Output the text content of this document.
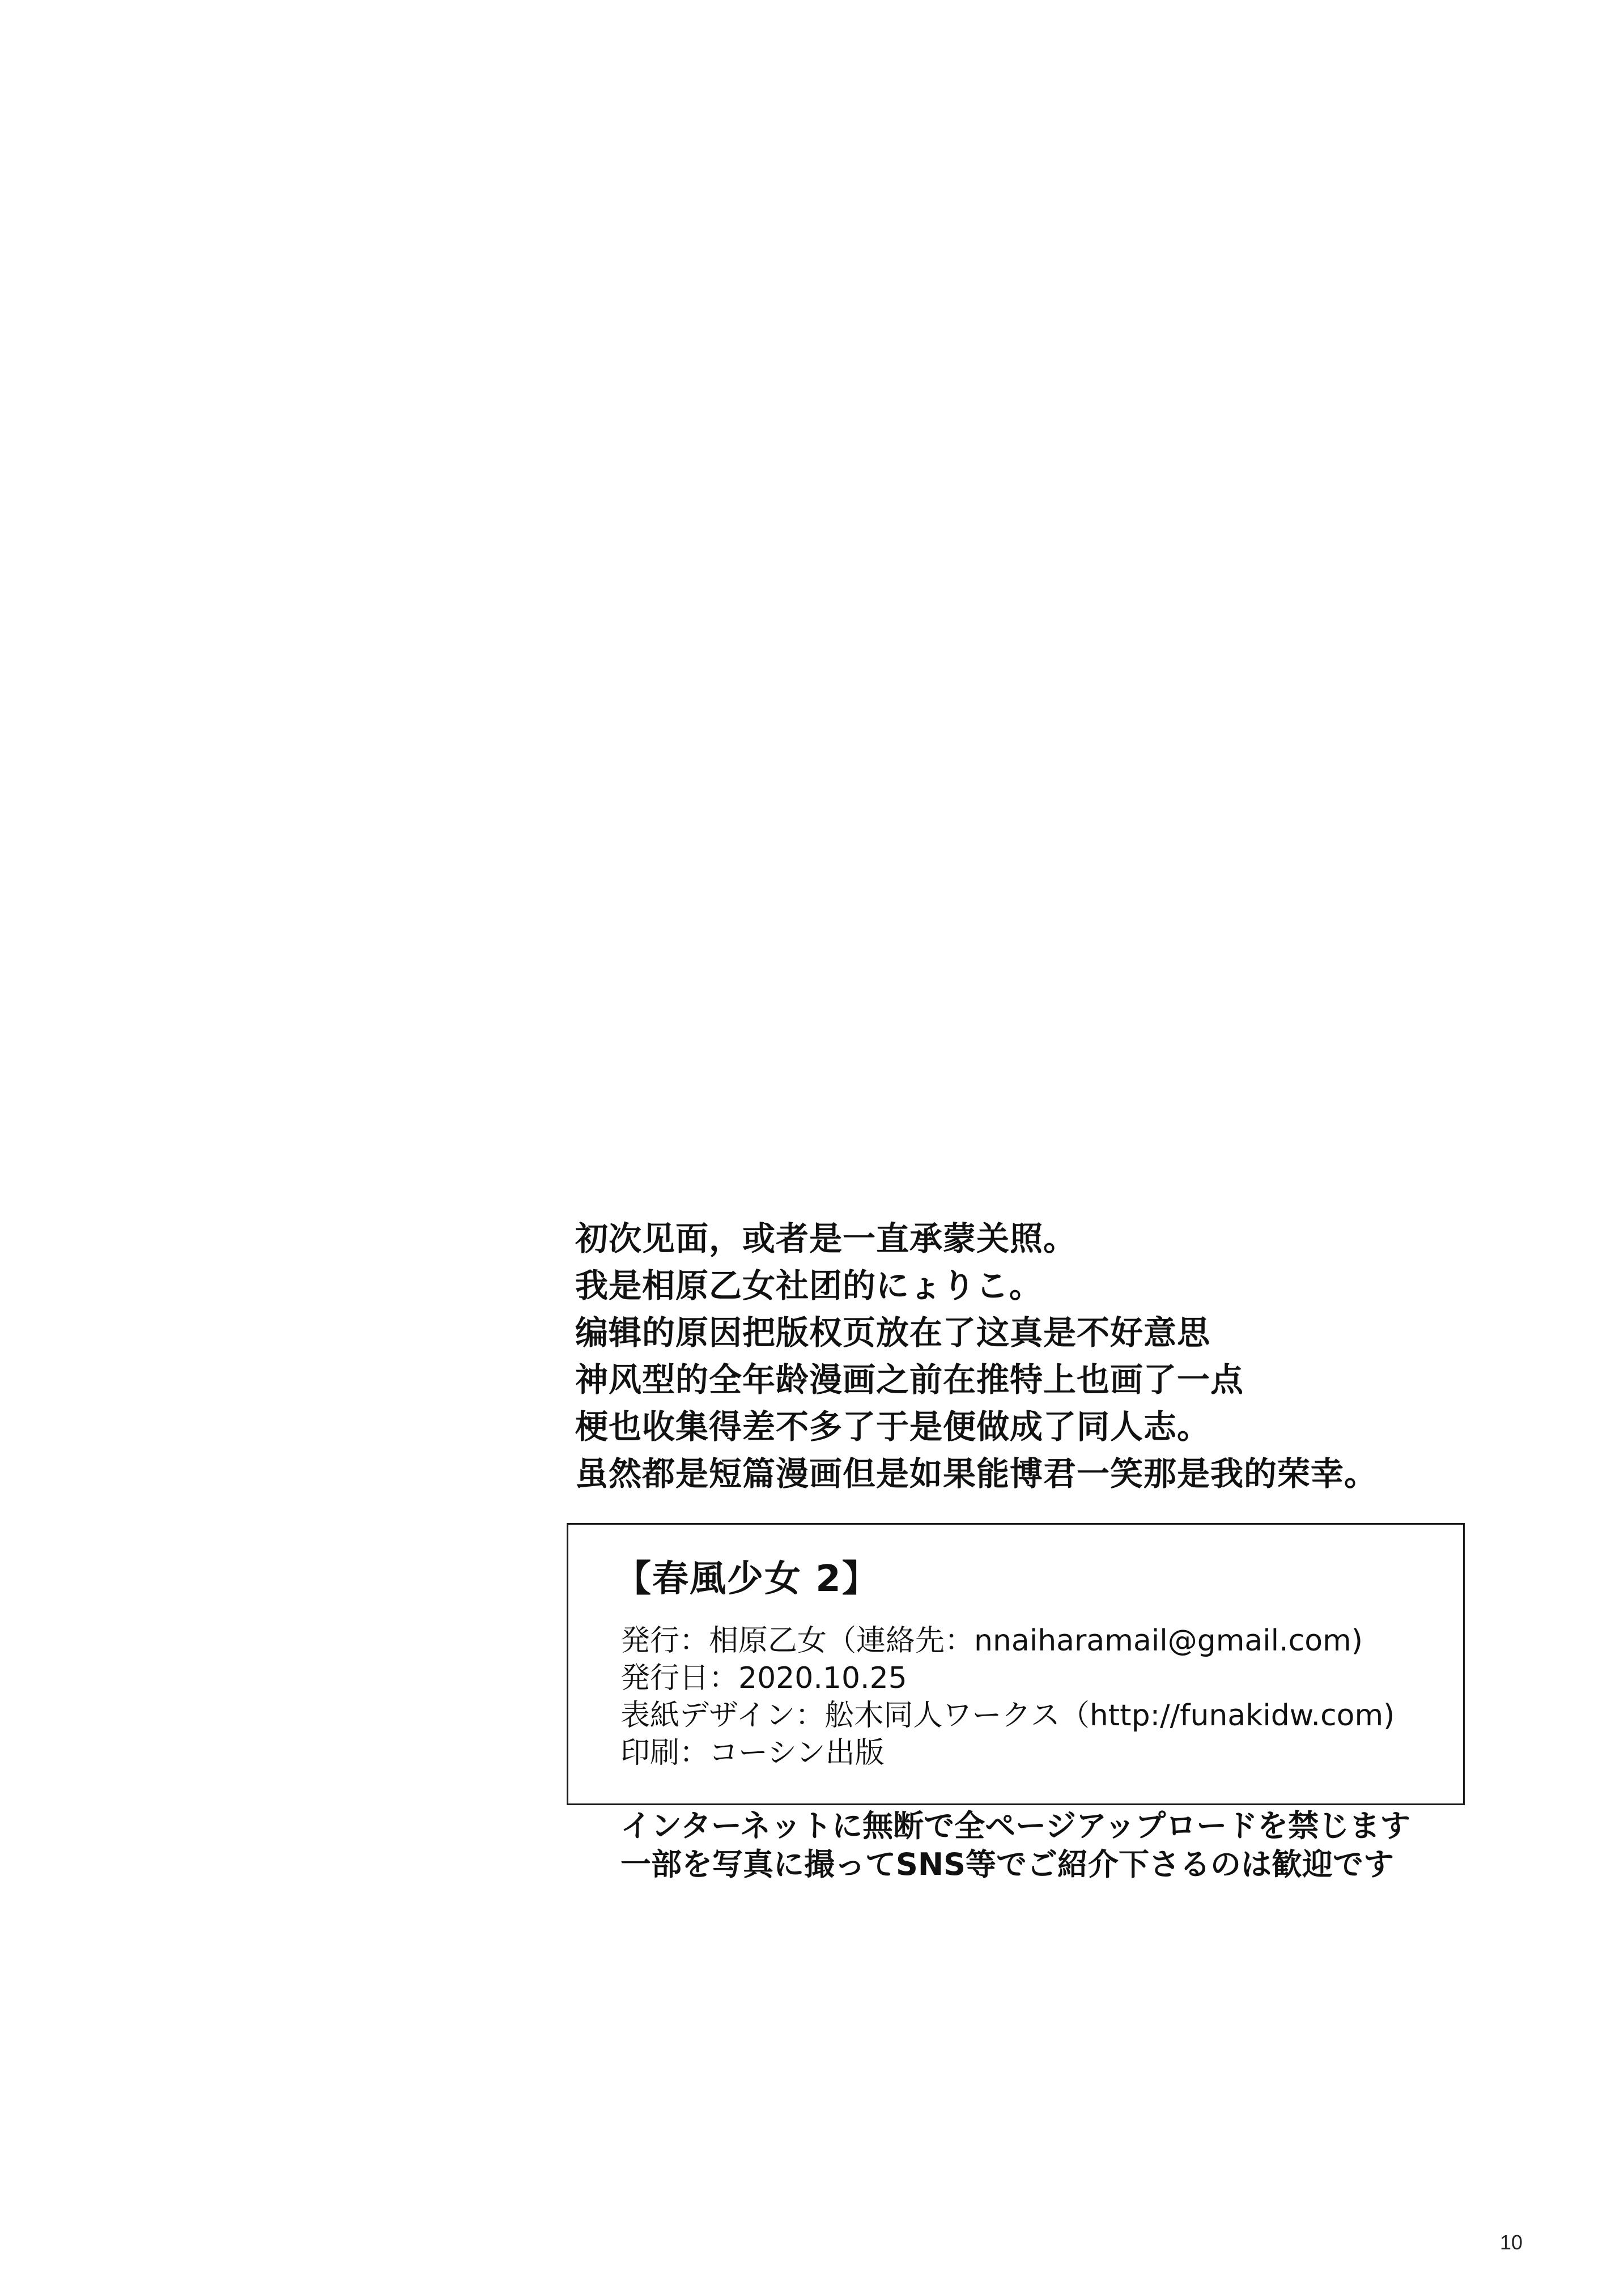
初次见面，或者是一直承蒙关照。
我是相原乙女社团的にょりこ。
编辑的原因把版权页放在了这真是不好意思
神风型的全年龄漫画之前在推特上也画了一点
梗也收集得差不多了于是便做成了同人志。
虽然都是短篇漫画但是如果能博君一笑那是我的荣幸。
【春風少女 2】
発行：相原乙女（連絡先：nnaiharamail@gmail.com)
発行日：2020.10.25
表紙デザイン：舩木同人ワークス（http://funakidw.com)
印刷：コーシン出版
インターネットに無断で全ページアップロードを禁じます
一部を写真に撮ってSNS等でご紹介下さるのは歓迎です
10
